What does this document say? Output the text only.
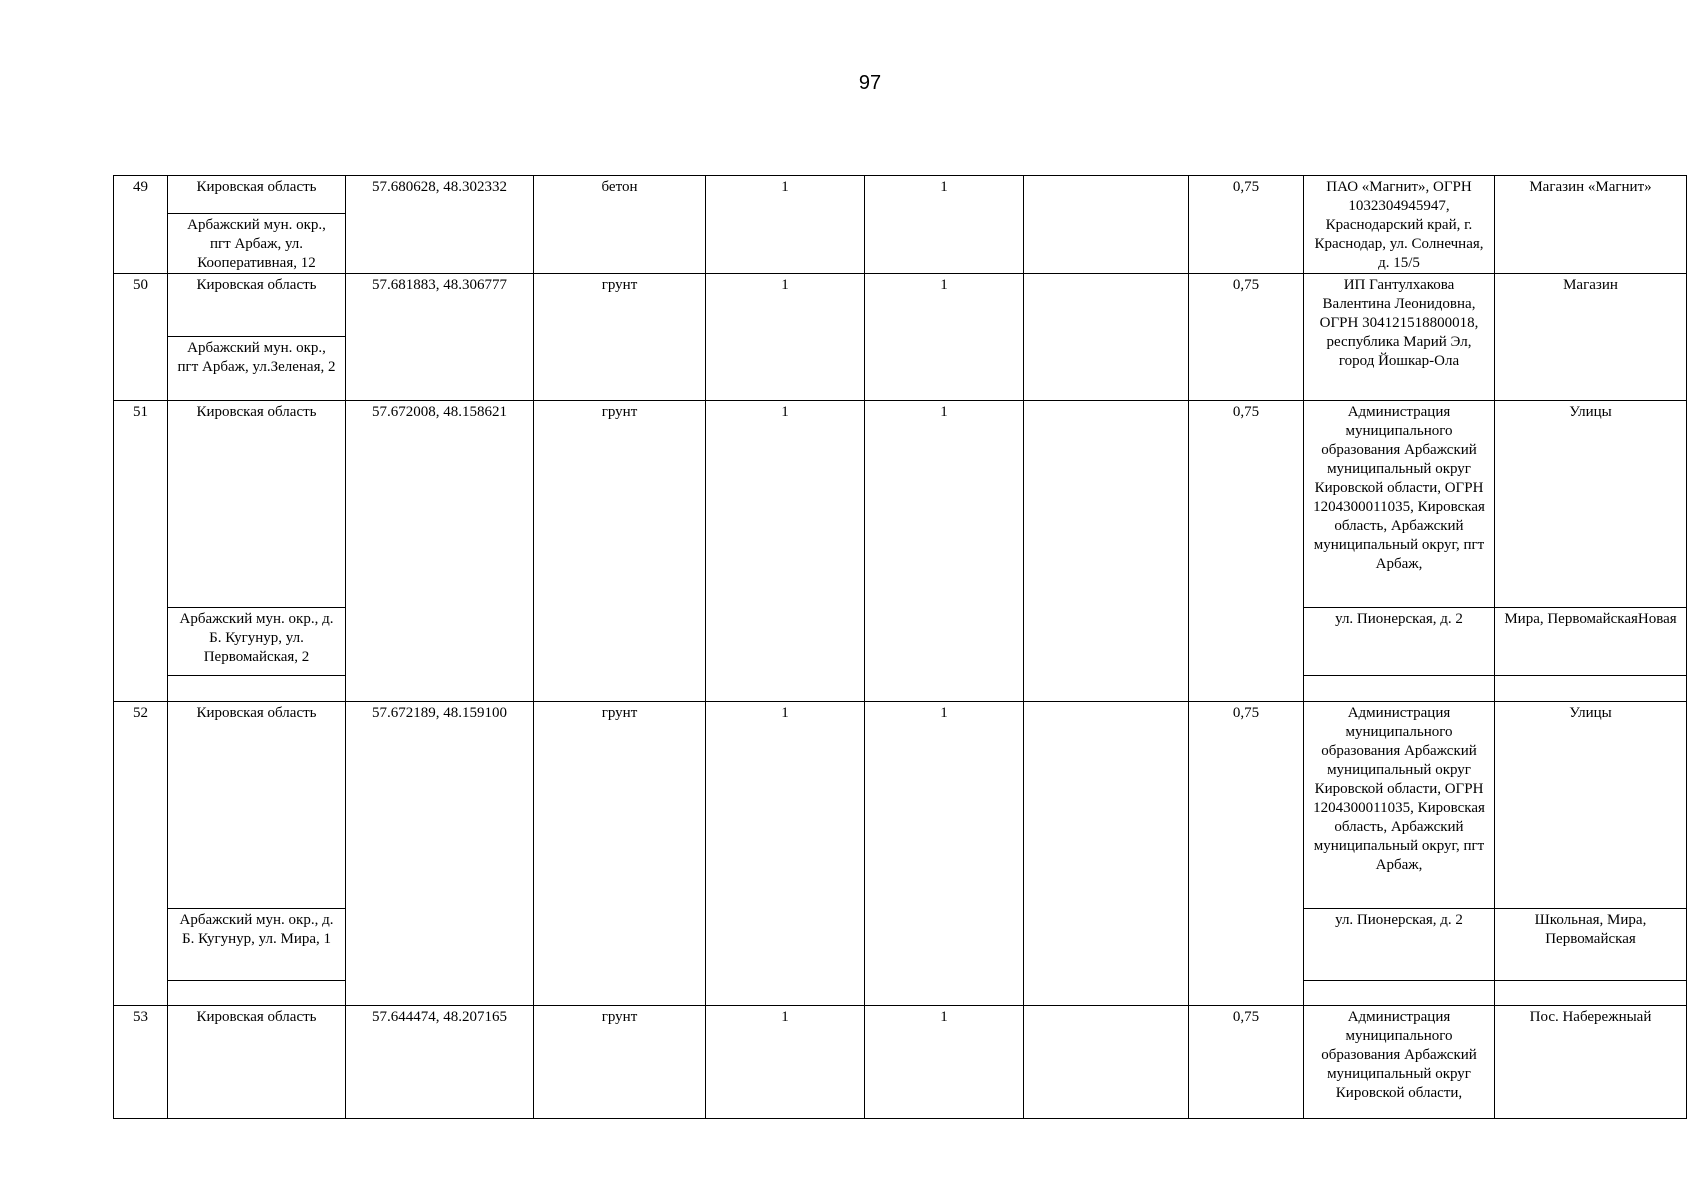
97
49	Кировская область	57.680628, 48.302332	бетон	1	1		0,75	ПАО «Магнит», ОГРН 1032304945947, Краснодарский край, г. Краснодар, ул. Солнечная, д. 15/5	Магазин «Магнит»
	Арбажский мун. окр., пгт Арбаж, ул. Кооперативная, 12								
50	Кировская область	57.681883, 48.306777	грунт	1	1		0,75	ИП Гантулхакова Валентина Леонидовна, ОГРН 304121518800018, республика Марий Эл, город Йошкар-Ола	Магазин
	Арбажский мун. окр., пгт Арбаж, ул.Зеленая, 2								
51	Кировская область	57.672008, 48.158621	грунт	1	1		0,75	Администрация муниципального образования Арбажский муниципальный округ Кировской области, ОГРН 1204300011035, Кировская область, Арбажский муниципальный округ, пгт Арбаж,	Улицы
	Арбажский мун. окр., д. Б. Кугунур, ул. Первомайская, 2							ул. Пионерская, д. 2	Мира, ПервомайскаяНовая

52	Кировская область	57.672189, 48.159100	грунт	1	1		0,75	Администрация муниципального образования Арбажский муниципальный округ Кировской области, ОГРН 1204300011035, Кировская область, Арбажский муниципальный округ, пгт Арбаж,	Улицы
	Арбажский мун. окр., д. Б. Кугунур, ул. Мира, 1							ул. Пионерская, д. 2	Школьная, Мира, Первомайская

53	Кировская область	57.644474, 48.207165	грунт	1	1		0,75	Администрация муниципального образования Арбажский муниципальный округ Кировской области,	Пос. Набережныай
